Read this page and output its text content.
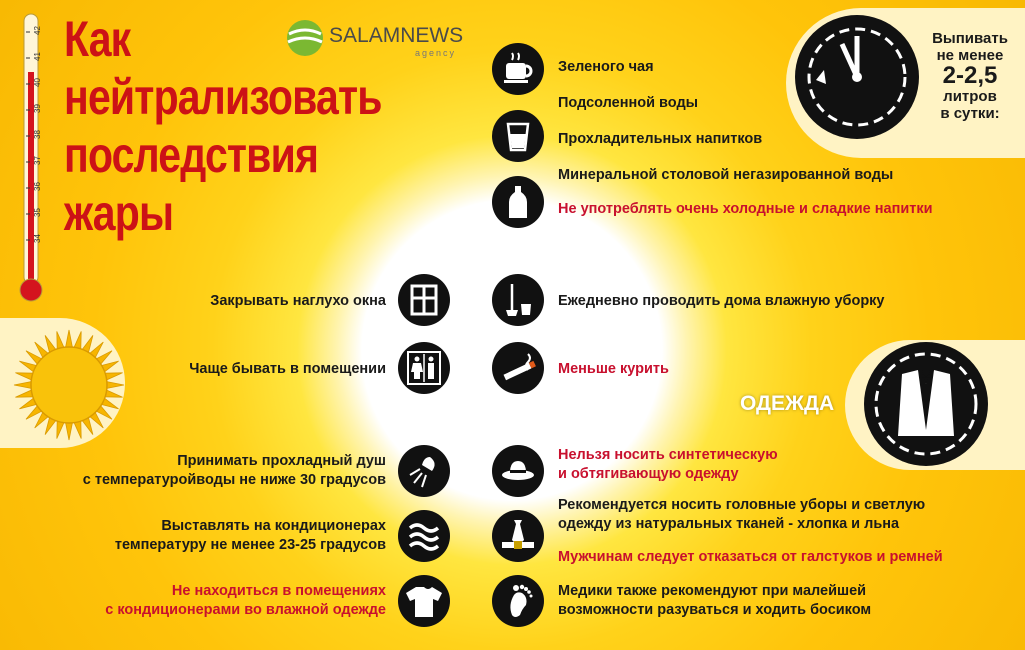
42
41
40
39
38
37
36
35
34
Как
нейтрализовать
последствия
жары
SALAMNEWS
agency
Зеленого чая
Подсоленной воды
Прохладительных напитков
Минеральной столовой негазированной воды
Не употреблять очень холодные и сладкие напитки
Выпивать
не менее
2-2,5
литров
в сутки:
Закрывать наглухо окна	Ежедневно проводить дома влажную уборку
Чаще бывать в помещении	Меньше курить
ОДЕЖДА
Принимать прохладный душ
с температуройводы не ниже 30 градусов
Нельзя носить синтетическую
и обтягивающую одежду
Выставлять на кондиционерах
температуру не менее 23-25 градусов
Рекомендуется носить головные уборы и светлую
одежду из натуральных тканей - хлопка и льна
Мужчинам следует отказаться от галстуков и ремней
Не находиться в помещениях
с кондиционерами во влажной одежде
Медики также рекомендуют при малейшей
возможности разуваться и ходить босиком
